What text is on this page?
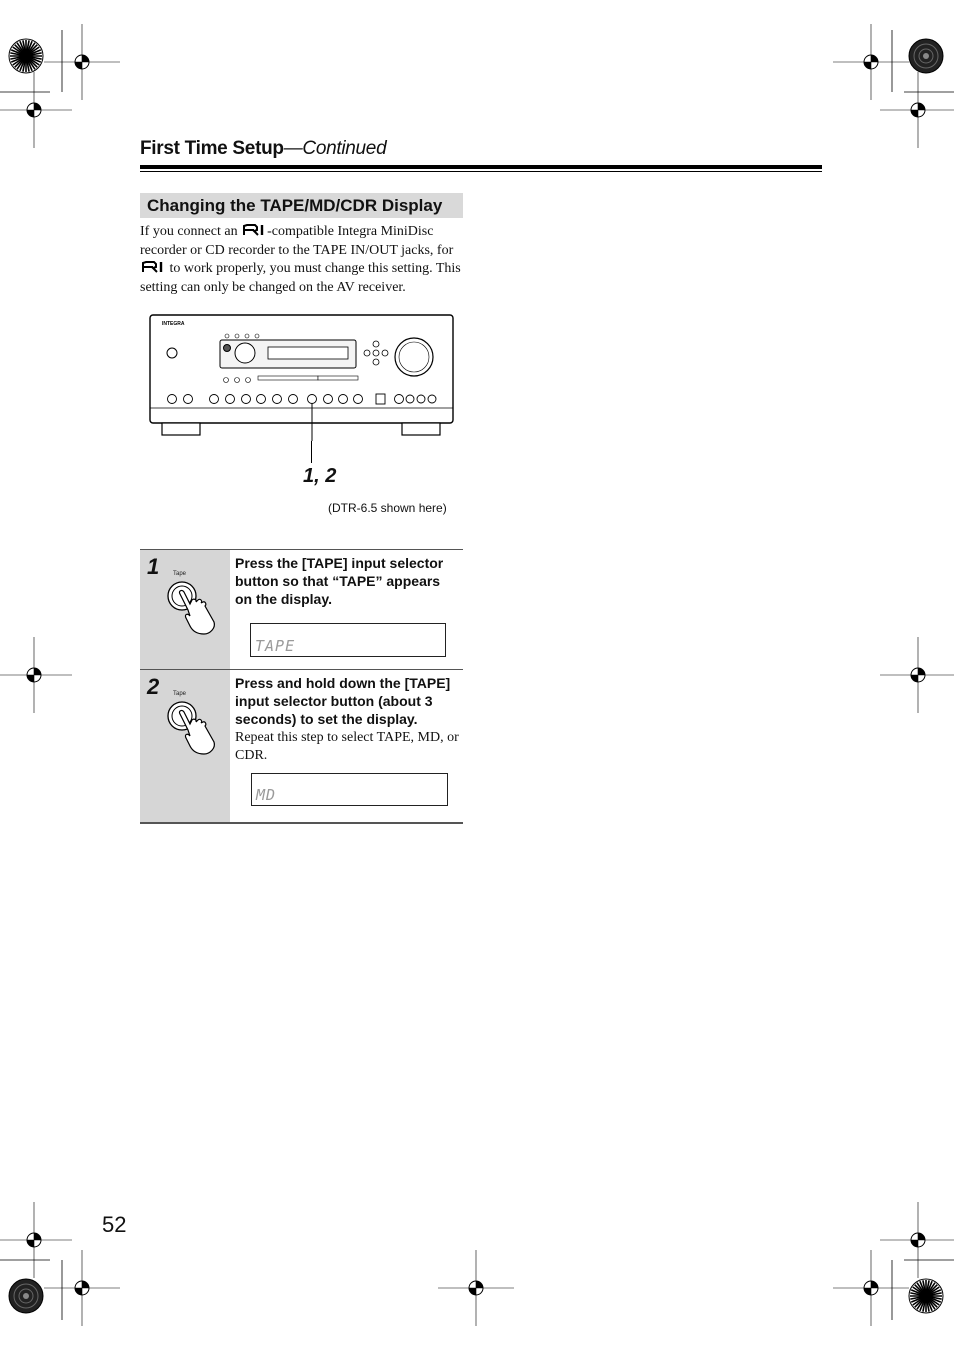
First Time Setup—Continued
Changing the TAPE/MD/CDR Display
If you connect an -compatible Integra MiniDisc recorder or CD recorder to the TAPE IN/OUT jacks, for  to work properly, you must change this setting. This setting can only be changed on the AV receiver.
INTEGRA
1, 2
(DTR-6.5 shown here)
1 Tape
Press the [TAPE] input selector button so that “TAPE” appears on the display.
TAPE
2 Tape
Press and hold down the [TAPE] input selector button (about 3 seconds) to set the display.
Repeat this step to select TAPE, MD, or CDR.
MD
52
